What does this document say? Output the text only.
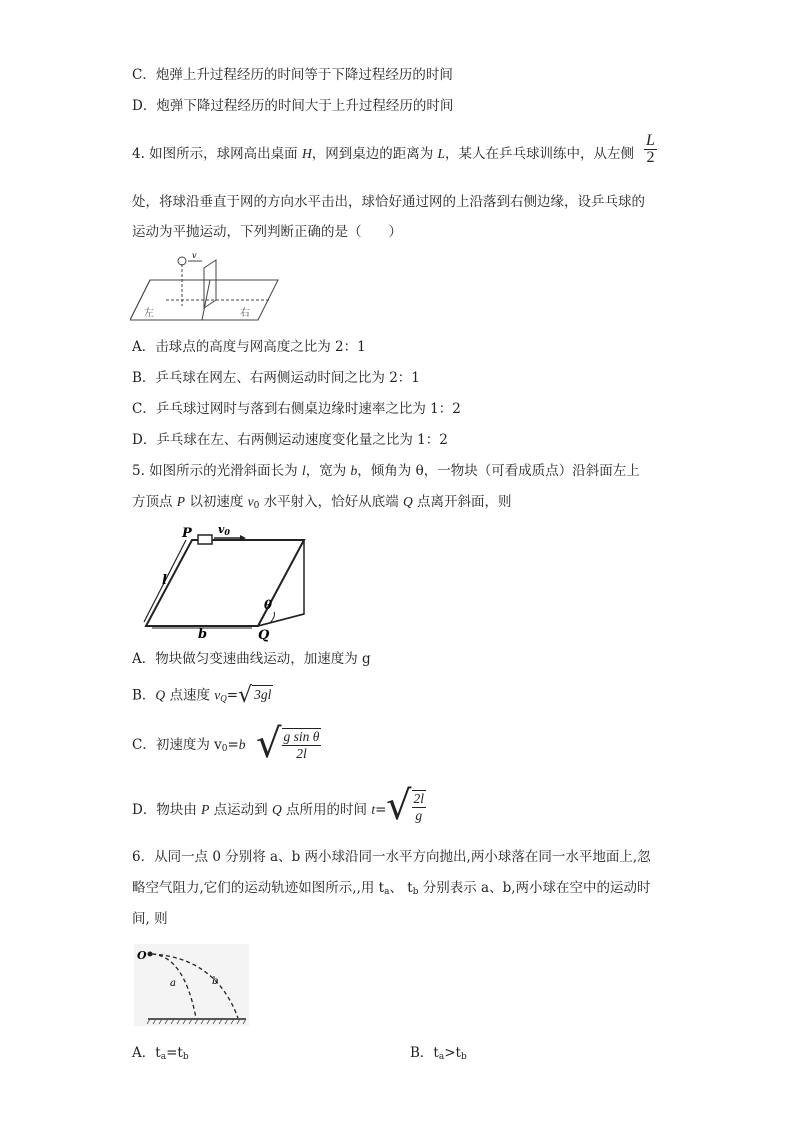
C．炮弹上升过程经历的时间等于下降过程经历的时间
D．炮弹下降过程经历的时间大于上升过程经历的时间
4. 如图所示，球网高出桌面 H，网到桌边的距离为 L，某人在乒乓球训练中，从左侧 $\frac{L}{2}$
处，将球沿垂直于网的方向水平击出，球恰好通过网的上沿落到右侧边缘，设乒乓球的
运动为平抛运动，下列判断正确的是（　　）
v
左	右
A．击球点的高度与网高度之比为 2：1
B．乒乓球在网左、右两侧运动时间之比为 2：1
C．乒乓球过网时与落到右侧桌边缘时速率之比为 1：2
D．乒乓球在左、右两侧运动速度变化量之比为 1：2
5. 如图所示的光滑斜面长为 l，宽为 b，倾角为 θ，一物块（可看成质点）沿斜面左上
方顶点 P 以初速度 $v_0$ 水平射入，恰好从底端 Q 点离开斜面，则
P v0
l
b
θ
Q
A．物块做匀变速曲线运动，加速度为 g
B．Q 点速度 $v_Q=$ √ 3gl
C．初速度为 $v_0=b$ √ $\frac{\text{g sin θ}}{2l}$
D．物块由 P 点运动到 Q 点所用的时间 t= √ $\frac{2l}{g}$
6．从同一点 0 分别将 a、b 两小球沿同一水平方向抛出,两小球落在同一水平地面上,忽
略空气阻力,它们的运动轨迹如图所示,,用 $t_a$、 $t_b$ 分别表示 a、b,两小球在空中的运动时
间, 则
O
a	b
A．$t_a=t_b$	B．$t_a>t_b$
